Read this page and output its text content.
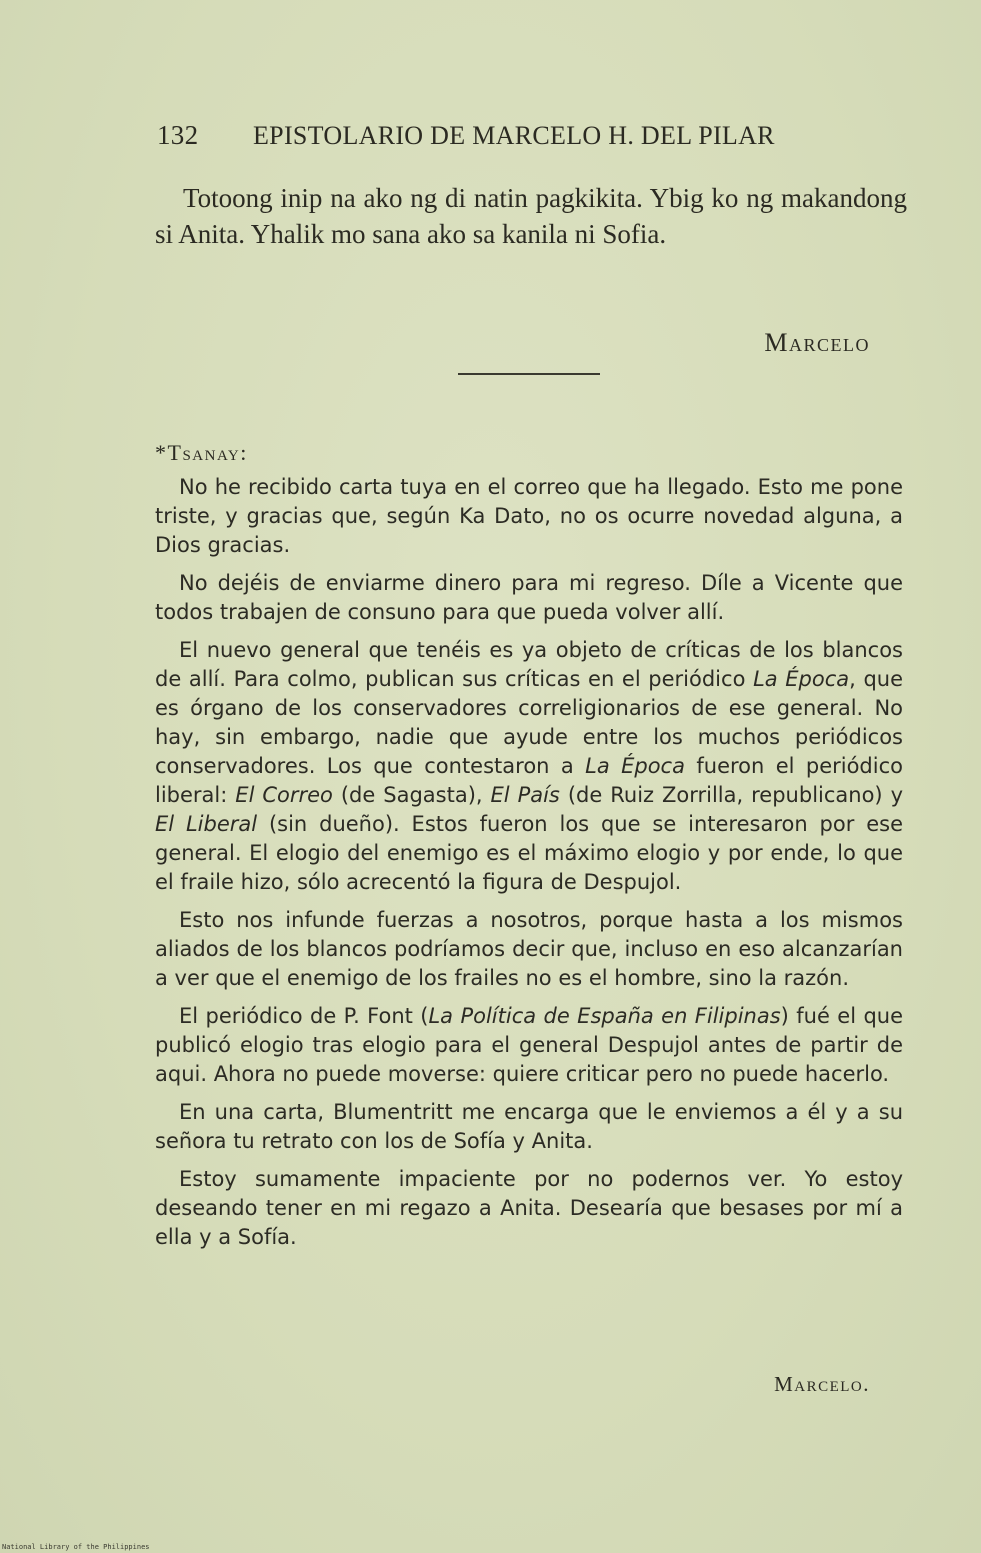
132 EPISTOLARIO DE MARCELO H. DEL PILAR

Totoong inip na ako ng di natin pagkikita. Ybig ko ng makandong si Anita. Yhalik mo sana ako sa kanila ni Sofia.

Marcelo
*Tsanay:

No he recibido carta tuya en el correo que ha llegado. Esto me pone triste, y gracias que, según Ka Dato, no os ocurre novedad alguna, a Dios gracias.

No dejéis de enviarme dinero para mi regreso. Díle a Vicente que todos trabajen de consuno para que pueda volver allí.

El nuevo general que tenéis es ya objeto de críticas de los blancos de allí. Para colmo, publican sus críticas en el periódico La Época, que es órgano de los conservadores correligionarios de ese general. No hay, sin embargo, nadie que ayude entre los muchos periódicos conservadores. Los que contestaron a La Época fueron el periódico liberal: El Correo (de Sagasta), El País (de Ruiz Zorrilla, republicano) y El Liberal (sin dueño). Estos fueron los que se interesaron por ese general. El elogio del enemigo es el máximo elogio y por ende, lo que el fraile hizo, sólo acrecentó la figura de Despujol.

Esto nos infunde fuerzas a nosotros, porque hasta a los mismos aliados de los blancos podríamos decir que, incluso en eso alcanzarían a ver que el enemigo de los frailes no es el hombre, sino la razón.

El periódico de P. Font (La Política de España en Filipinas) fué el que publicó elogio tras elogio para el general Despujol antes de partir de aqui. Ahora no puede moverse: quiere criticar pero no puede hacerlo.

En una carta, Blumentritt me encarga que le enviemos a él y a su señora tu retrato con los de Sofía y Anita.

Estoy sumamente impaciente por no podernos ver. Yo estoy deseando tener en mi regazo a Anita. Desearía que besases por mí a ella y a Sofía.

Marcelo.
National Library of the Philippines
